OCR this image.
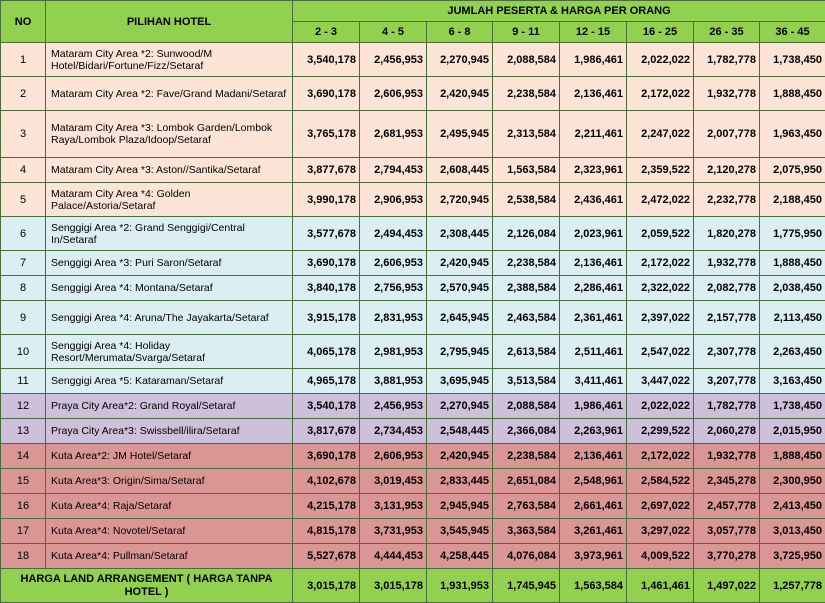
NO	PILIHAN HOTEL	JUMLAH PESERTA & HARGA PER ORANG							
		2 - 3	4 - 5	6 - 8	9 - 11	12 - 15	16 - 25	26 - 35	36 - 45
1	Mataram City Area *2: Sunwood/M Hotel/Bidari/Fortune/Fizz/Setaraf	3,540,178	2,456,953	2,270,945	2,088,584	1,986,461	2,022,022	1,782,778	1,738,450
2	Mataram City Area *2: Fave/Grand Madani/Setaraf	3,690,178	2,606,953	2,420,945	2,238,584	2,136,461	2,172,022	1,932,778	1,888,450
3	Mataram City Area *3: Lombok Garden/Lombok Raya/Lombok Plaza/Idoop/Setaraf	3,765,178	2,681,953	2,495,945	2,313,584	2,211,461	2,247,022	2,007,778	1,963,450
4	Mataram City Area *3: Aston//Santika/Setaraf	3,877,678	2,794,453	2,608,445	1,563,584	2,323,961	2,359,522	2,120,278	2,075,950
5	Mataram City Area *4: Golden Palace/Astoria/Setaraf	3,990,178	2,906,953	2,720,945	2,538,584	2,436,461	2,472,022	2,232,778	2,188,450
6	Senggigi Area *2: Grand Senggigi/Central In/Setaraf	3,577,678	2,494,453	2,308,445	2,126,084	2,023,961	2,059,522	1,820,278	1,775,950
7	Senggigi Area *3: Puri Saron/Setaraf	3,690,178	2,606,953	2,420,945	2,238,584	2,136,461	2,172,022	1,932,778	1,888,450
8	Senggigi Area *4: Montana/Setaraf	3,840,178	2,756,953	2,570,945	2,388,584	2,286,461	2,322,022	2,082,778	2,038,450
9	Senggigi Area *4: Aruna/The Jayakarta/Setaraf	3,915,178	2,831,953	2,645,945	2,463,584	2,361,461	2,397,022	2,157,778	2,113,450
10	Senggigi Area *4: Holiday Resort/Merumata/Svarga/Setaraf	4,065,178	2,981,953	2,795,945	2,613,584	2,511,461	2,547,022	2,307,778	2,263,450
11	Senggigi Area *5: Kataraman/Setaraf	4,965,178	3,881,953	3,695,945	3,513,584	3,411,461	3,447,022	3,207,778	3,163,450
12	Praya City Area*2: Grand Royal/Setaraf	3,540,178	2,456,953	2,270,945	2,088,584	1,986,461	2,022,022	1,782,778	1,738,450
13	Praya City Area*3: Swissbell/ilira/Setaraf	3,817,678	2,734,453	2,548,445	2,366,084	2,263,961	2,299,522	2,060,278	2,015,950
14	Kuta Area*2: JM Hotel/Setaraf	3,690,178	2,606,953	2,420,945	2,238,584	2,136,461	2,172,022	1,932,778	1,888,450
15	Kuta Area*3: Origin/Sima/Setaraf	4,102,678	3,019,453	2,833,445	2,651,084	2,548,961	2,584,522	2,345,278	2,300,950
16	Kuta Area*4: Raja/Setaraf	4,215,178	3,131,953	2,945,945	2,763,584	2,661,461	2,697,022	2,457,778	2,413,450
17	Kuta Area*4: Novotel/Setaraf	4,815,178	3,731,953	3,545,945	3,363,584	3,261,461	3,297,022	3,057,778	3,013,450
18	Kuta Area*4: Pullman/Setaraf	5,527,678	4,444,453	4,258,445	4,076,084	3,973,961	4,009,522	3,770,278	3,725,950
HARGA LAND ARRANGEMENT ( HARGA TANPA HOTEL )		3,015,178	3,015,178	1,931,953	1,745,945	1,563,584	1,461,461	1,497,022	1,257,778
